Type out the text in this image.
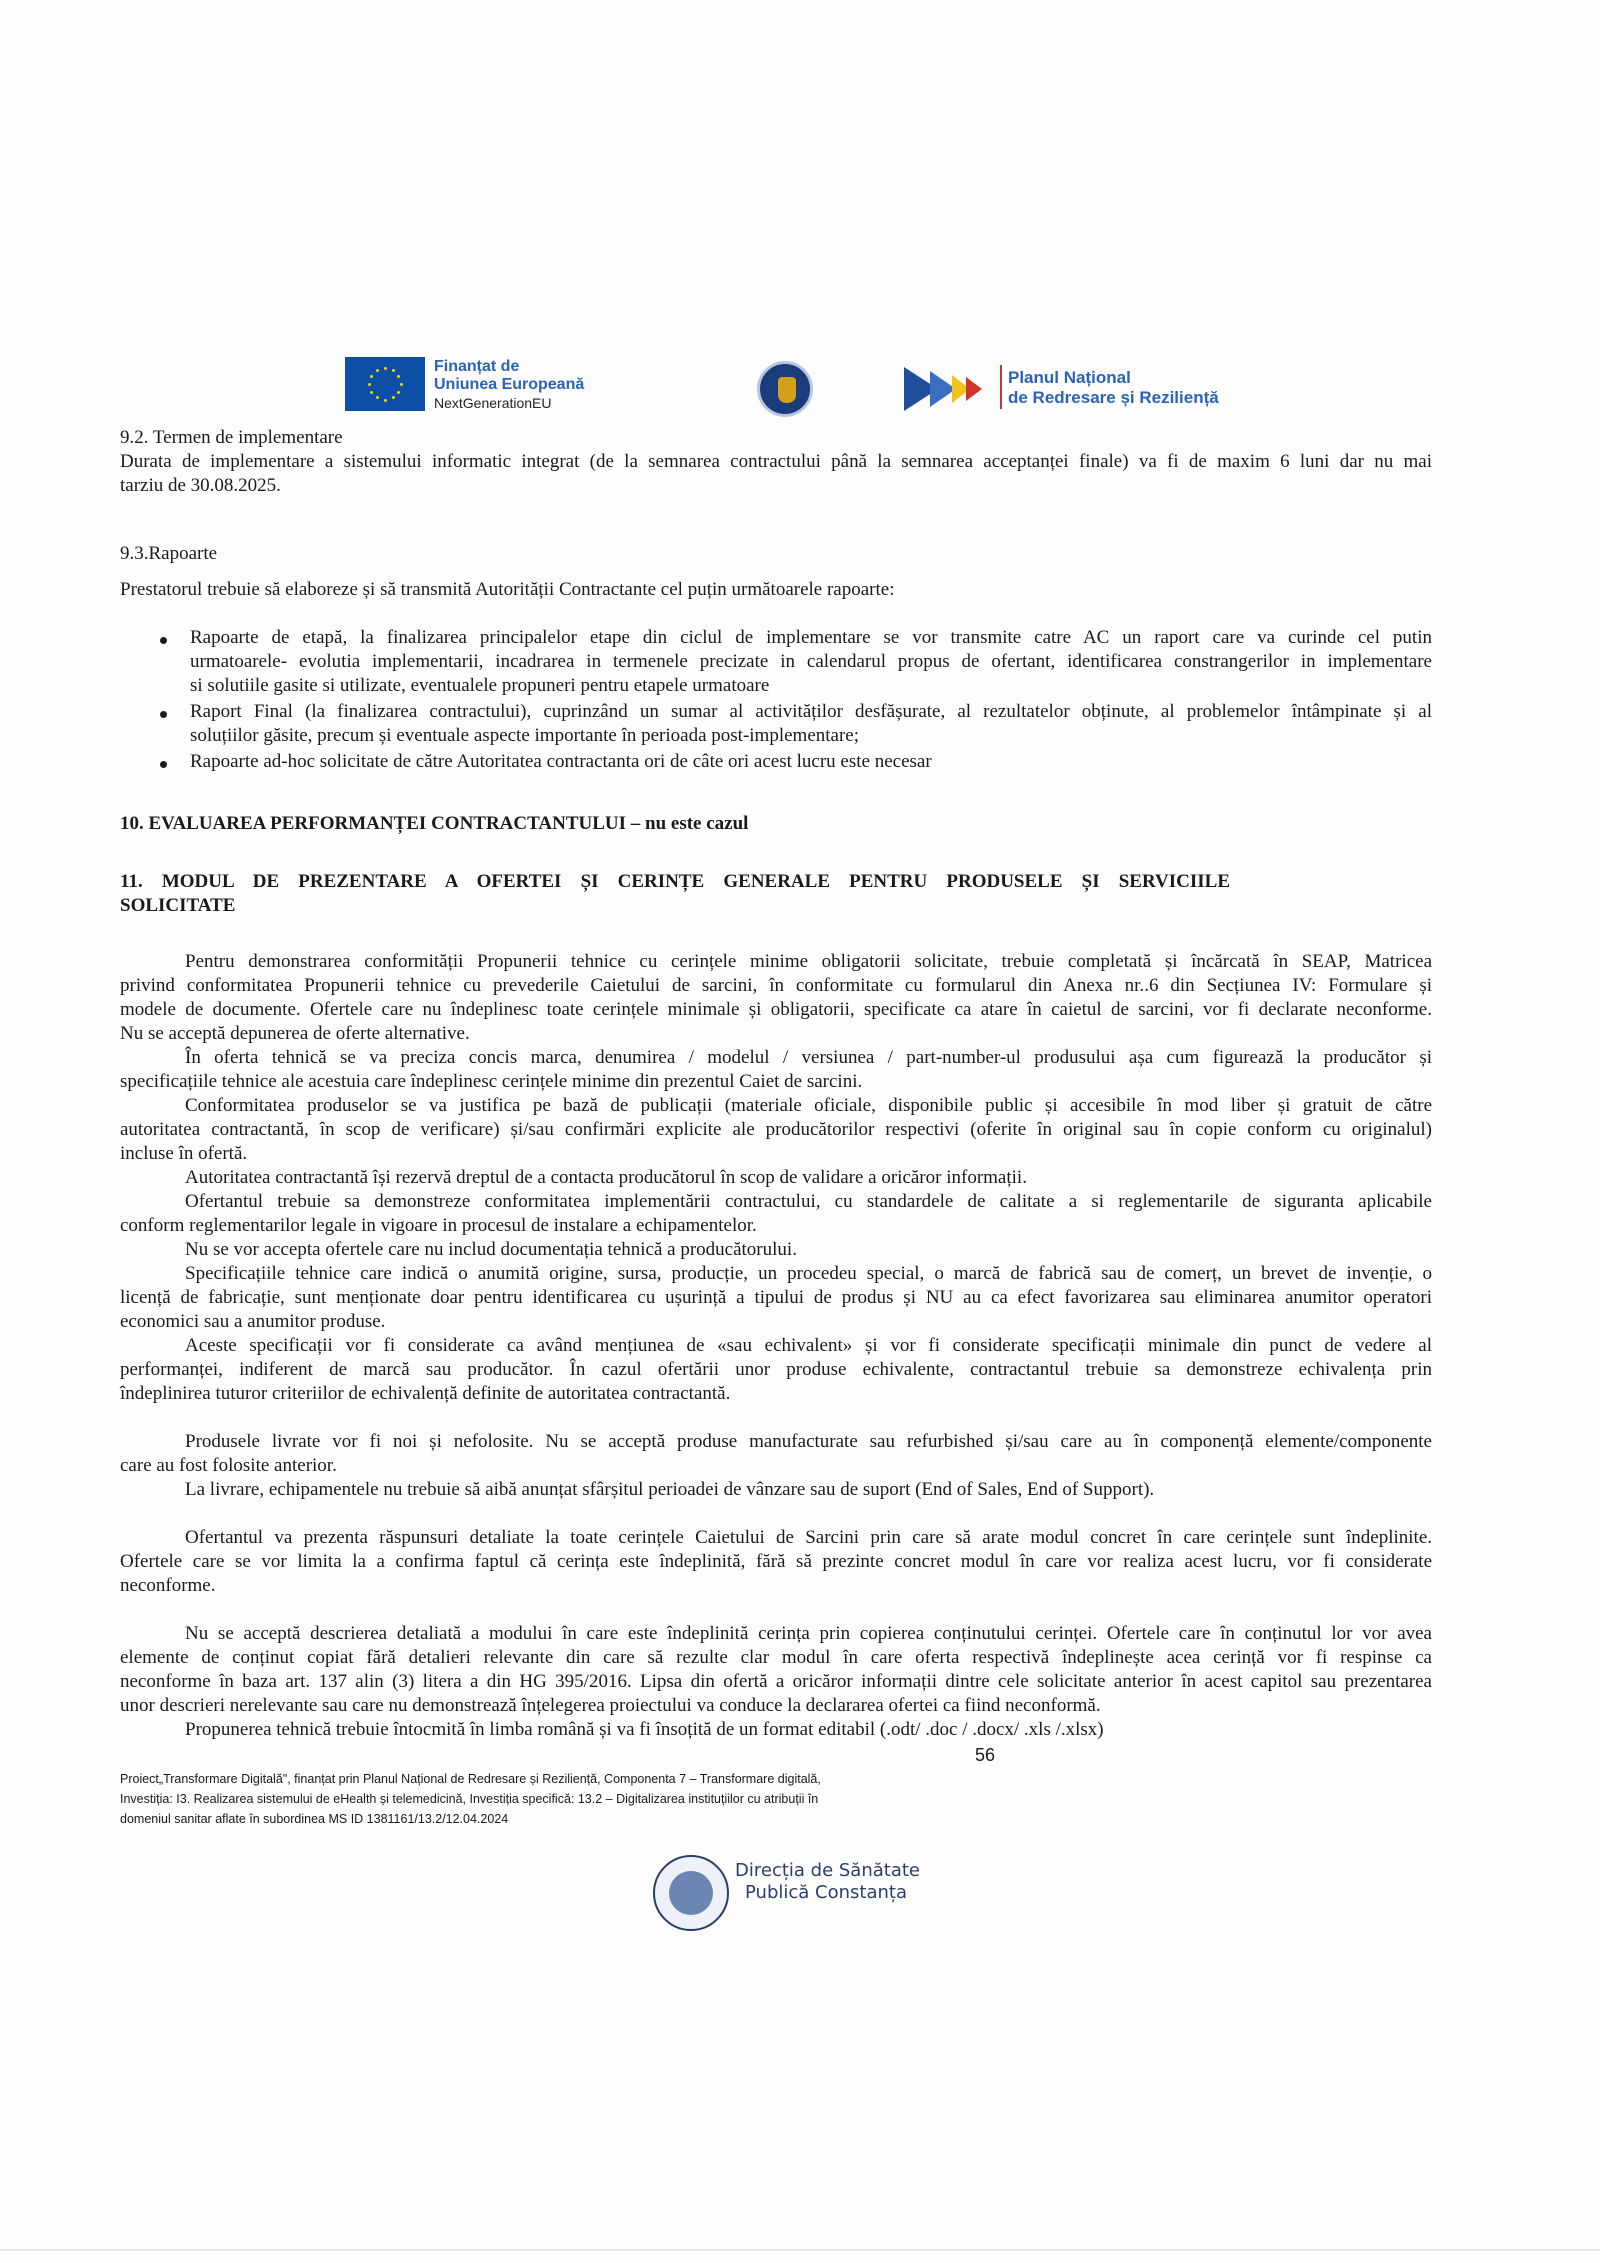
Finanțat de
Uniunea Europeană
NextGenerationEU
Planul Național
de Redresare și Reziliență
9.2. Termen de implementare
Durata de implementare a sistemului informatic integrat (de la semnarea contractului până la semnarea acceptanței finale) va fi de maxim 6 luni dar nu mai
tarziu de 30.08.2025.
9.3.Rapoarte
Prestatorul trebuie să elaboreze și să transmită Autorității Contractante cel puțin următoarele rapoarte:
Rapoarte de etapă, la finalizarea principalelor etape din ciclul de implementare se vor transmite catre AC un raport care va curinde cel putin
urmatoarele- evolutia implementarii, incadrarea in termenele precizate in calendarul propus de ofertant, identificarea constrangerilor in implementare
si solutiile gasite si utilizate, eventualele propuneri pentru etapele urmatoare
Raport Final (la finalizarea contractului), cuprinzând un sumar al activităților desfășurate, al rezultatelor obținute, al problemelor întâmpinate și al
soluțiilor găsite, precum și eventuale aspecte importante în perioada post-implementare;
Rapoarte ad-hoc solicitate de către Autoritatea contractanta ori de câte ori acest lucru este necesar
10. EVALUAREA PERFORMANȚEI CONTRACTANTULUI – nu este cazul
11. MODUL DE PREZENTARE A OFERTEI ȘI CERINȚE GENERALE PENTRU PRODUSELE ȘI SERVICIILE
SOLICITATE
Pentru demonstrarea conformității Propunerii tehnice cu cerințele minime obligatorii solicitate, trebuie completată și încărcată în SEAP, Matricea
privind conformitatea Propunerii tehnice cu prevederile Caietului de sarcini, în conformitate cu formularul din Anexa nr..6 din Secțiunea IV: Formulare și
modele de documente. Ofertele care nu îndeplinesc toate cerințele minimale și obligatorii, specificate ca atare în caietul de sarcini, vor fi declarate neconforme.
Nu se acceptă depunerea de oferte alternative.
În oferta tehnică se va preciza concis marca, denumirea / modelul / versiunea / part-number-ul produsului așa cum figurează la producător și
specificațiile tehnice ale acestuia care îndeplinesc cerințele minime din prezentul Caiet de sarcini.
Conformitatea produselor se va justifica pe bază de publicații (materiale oficiale, disponibile public și accesibile în mod liber și gratuit de către
autoritatea contractantă, în scop de verificare) și/sau confirmări explicite ale producătorilor respectivi (oferite în original sau în copie conform cu originalul)
incluse în ofertă.
Autoritatea contractantă își rezervă dreptul de a contacta producătorul în scop de validare a oricăror informații.
Ofertantul trebuie sa demonstreze conformitatea implementării contractului, cu standardele de calitate a si reglementarile de siguranta aplicabile
conform reglementarilor legale in vigoare in procesul de instalare a echipamentelor.
Nu se vor accepta ofertele care nu includ documentația tehnică a producătorului.
Specificațiile tehnice care indică o anumită origine, sursa, producție, un procedeu special, o marcă de fabrică sau de comerț, un brevet de invenție, o
licență de fabricație, sunt menționate doar pentru identificarea cu ușurință a tipului de produs și NU au ca efect favorizarea sau eliminarea anumitor operatori
economici sau a anumitor produse.
Aceste specificații vor fi considerate ca având mențiunea de «sau echivalent» și vor fi considerate specificații minimale din punct de vedere al
performanței, indiferent de marcă sau producător. În cazul ofertării unor produse echivalente, contractantul trebuie sa demonstreze echivalența prin
îndeplinirea tuturor criteriilor de echivalență definite de autoritatea contractantă.
Produsele livrate vor fi noi și nefolosite. Nu se acceptă produse manufacturate sau refurbished și/sau care au în componență elemente/componente
care au fost folosite anterior.
La livrare, echipamentele nu trebuie să aibă anunțat sfârșitul perioadei de vânzare sau de suport (End of Sales, End of Support).
Ofertantul va prezenta răspunsuri detaliate la toate cerințele Caietului de Sarcini prin care să arate modul concret în care cerințele sunt îndeplinite.
Ofertele care se vor limita la a confirma faptul că cerința este îndeplinită, fără să prezinte concret modul în care vor realiza acest lucru, vor fi considerate
neconforme.
Nu se acceptă descrierea detaliată a modului în care este îndeplinită cerința prin copierea conținutului cerinței. Ofertele care în conținutul lor vor avea
elemente de conținut copiat fără detalieri relevante din care să rezulte clar modul în care oferta respectivă îndeplinește acea cerință vor fi respinse ca
neconforme în baza art. 137 alin (3) litera a din HG 395/2016. Lipsa din ofertă a oricăror informații dintre cele solicitate anterior în acest capitol sau prezentarea
unor descrieri nerelevante sau care nu demonstrează înțelegerea proiectului va conduce la declararea ofertei ca fiind neconformă.
Propunerea tehnică trebuie întocmită în limba română și va fi însoțită de un format editabil (.odt/ .doc / .docx/ .xls /.xlsx)
56
Proiect„Transformare Digitală", finanțat prin Planul Național de Redresare și Reziliență, Componenta 7 – Transformare digitală,
Investiția: I3. Realizarea sistemului de eHealth și telemedicină, Investiția specifică: 13.2 – Digitalizarea instituțiilor cu atribuții în
domeniul sanitar aflate în subordinea MS ID 1381161/13.2/12.04.2024
Direcția de Sănătate
Publică Constanța
